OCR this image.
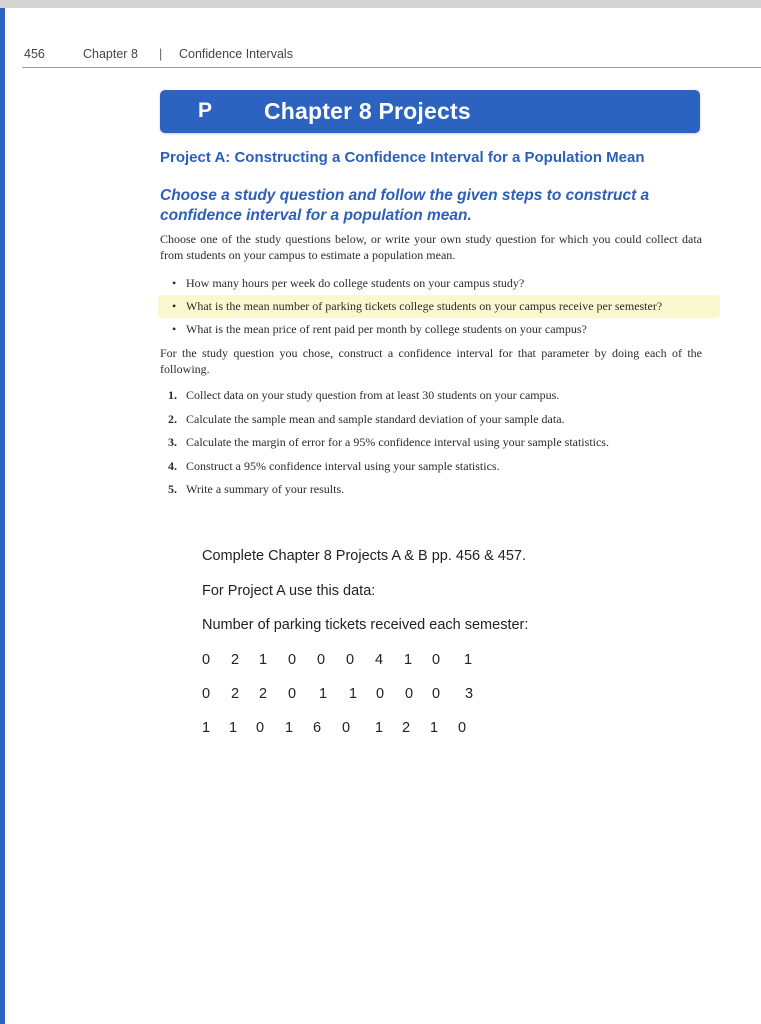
456	Chapter 8 | Confidence Intervals
P Chapter 8 Projects
Project A: Constructing a Confidence Interval for a Population Mean
Choose a study question and follow the given steps to construct a confidence interval for a population mean.
Choose one of the study questions below, or write your own study question for which you could collect data from students on your campus to estimate a population mean.
• How many hours per week do college students on your campus study?
• What is the mean number of parking tickets college students on your campus receive per semester?
• What is the mean price of rent paid per month by college students on your campus?
For the study question you chose, construct a confidence interval for that parameter by doing each of the following.
1. Collect data on your study question from at least 30 students on your campus.
2. Calculate the sample mean and sample standard deviation of your sample data.
3. Calculate the margin of error for a 95% confidence interval using your sample statistics.
4. Construct a 95% confidence interval using your sample statistics.
5. Write a summary of your results.
Complete Chapter 8 Projects A & B pp. 456 & 457.
For Project A use this data:
Number of parking tickets received each semester:
0 2 1 0 0 0 4 1 0 1
0 2 2 0 1 1 0 0 0 3
1 1 0 1 6 0 1 2 1 0
